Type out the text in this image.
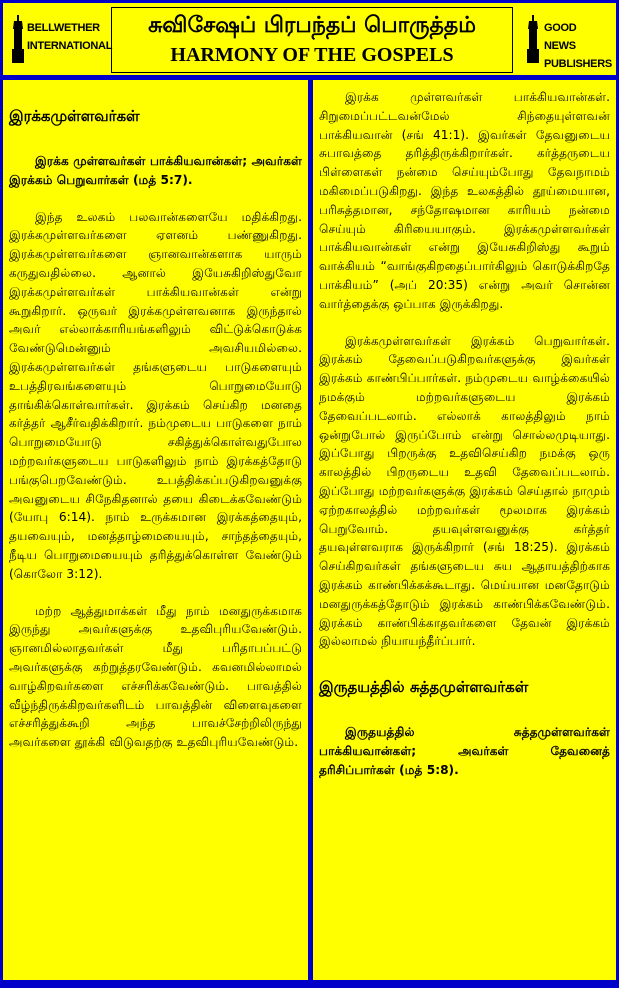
BELLWETHER INTERNATIONAL
சுவிசேஷப் பிரபந்தப் பொருத்தம்
HARMONY OF THE GOSPELS
GOOD NEWS PUBLISHERS
இரக்கமுள்ளவர்கள்
இரக்க முள்ளவர்கள் பாக்கியவான்கள்; அவர்கள் இரக்கம் பெறுவார்கள் (மத் 5:7).

இந்த உலகம் பலவான்களையே மதிக்கிறது. இரக்கமுள்ளவர்களை ஏளனம் பண்ணுகிறது. இரக்கமுள்ளவர்களை ஞானவான்களாக யாரும் கருதுவதில்லை. ஆனால் இயேசுகிறிஸ்துவோ இரக்கமுள்ளவர்கள் பாக்கியவான்கள் என்று கூறுகிறார். ஒருவர் இரக்கமுள்ளவனாக இருந்தால் அவர் எல்லாக்காரியங்களிலும் விட்டுக்கொடுக்க வேண்டுமென்னும் அவசியமில்லை. இரக்கமுள்ளவர்கள் தங்களுடைய பாடுகளையும் உபத்திரவங்களையும் பொறுமையோடு தாங்கிக்கொள்வார்கள். இரக்கம் செய்கிற மனதை கர்த்தர் ஆசீர்வதிக்கிறார். நம்முடைய பாடுகளை நாம் பொறுமையோடு சகித்துக்கொள்வதுபோல மற்றவர்களுடைய பாடுகளிலும் நாம் இரக்கத்தோடு பங்குபெறவேண்டும். உபத்திக்கப்படுகிறவனுக்கு அவனுடைய சிநேகிதனால் தயை கிடைக்கவேண்டும் (யோபு 6:14). நாம் உருக்கமான இரக்கத்தையும், தயவையும், மனத்தாழ்மையையும், சாந்தத்தையும், நீடிய பொறுமையையும் தரித்துக்கொள்ள வேண்டும் (கொலோ 3:12).

மற்ற ஆத்துமாக்கள் மீது நாம் மனதுருக்கமாக இருந்து அவர்களுக்கு உதவிபுரியவேண்டும். ஞானமில்லாதவர்கள் மீது பரிதாபப்பட்டு அவர்களுக்கு கற்றுத்தரவேண்டும். கவனமில்லாமல் வாழ்கிறவர்களை எச்சரிக்கவேண்டும். பாவத்தில் வீழ்ந்திருக்கிறவர்களிடம் பாவத்தின் விளைவுகளை எச்சரித்துக்கூறி அந்த பாவச்சேற்றிலிருந்து அவர்களை தூக்கி விடுவதற்கு உதவிபுரியவேண்டும்.

இரக்க முள்ளவர்கள் பாக்கியவான்கள். சிறுமைப்பட்டவன்மேல் சிந்தையுள்ளவன் பாக்கியவான் (சங் 41:1). இவர்கள் தேவனுடைய சுபாவத்தை தரித்திருக்கிறார்கள். கர்த்தருடைய பிள்ளைகள் நன்மை செய்யும்போது தேவநாமம் மகிமைப்படுகிறது. இந்த உலகத்தில் தூய்மையான, பரிசுத்தமான, சந்தோஷமான காரியம் நன்மை செய்யும் கிரியையாகும். இரக்கமுள்ளவர்கள் பாக்கியவான்கள் என்று இயேசுகிறிஸ்து கூறும் வாக்கியம் “வாங்குகிறதைப்பார்கிலும் கொடுக்கிறதே பாக்கியம்” (அப் 20:35) என்று அவர் சொன்ன வார்த்தைக்கு ஒப்பாக இருக்கிறது.

இரக்கமுள்ளவர்கள் இரக்கம் பெறுவார்கள். இரக்கம் தேவைப்படுகிறவர்களுக்கு இவர்கள் இரக்கம் காண்பிப்பார்கள். நம்முடைய வாழ்க்கையில் நமக்கும் மற்றவர்களுடைய இரக்கம் தேவைப்படலாம். எல்லாக் காலத்திலும் நாம் ஒன்றுபோல் இருப்போம் என்று சொல்லமுடியாது. இப்போது பிறருக்கு உதவிசெய்கிற நமக்கு ஒரு காலத்தில் பிறருடைய உதவி தேவைப்படலாம். இப்போது மற்றவர்களுக்கு இரக்கம் செய்தால் நாமும் ஏற்றகாலத்தில் மற்றவர்கள் மூலமாக இரக்கம் பெறுவோம். தயவுள்ளவனுக்கு கர்த்தர் தயவுள்ளவராக இருக்கிறார் (சங் 18:25). இரக்கம் செய்கிறவர்கள் தங்களுடைய சுய ஆதாயத்திற்காக இரக்கம் காண்பிக்கக்கூடாது. மெய்யான மனதோடும் மனதுருக்கத்தோடும் இரக்கம் காண்பிக்கவேண்டும். இரக்கம் காண்பிக்காதவர்களை தேவன் இரக்கம் இல்லாமல் நியாயந்தீர்ப்பார்.

இருதயத்தில் சுத்தமுள்ளவர்கள்
இருதயத்தில் சுத்தமுள்ளவர்கள் பாக்கியவான்கள்; அவர்கள் தேவனைத் தரிசிப்பார்கள் (மத் 5:8).
